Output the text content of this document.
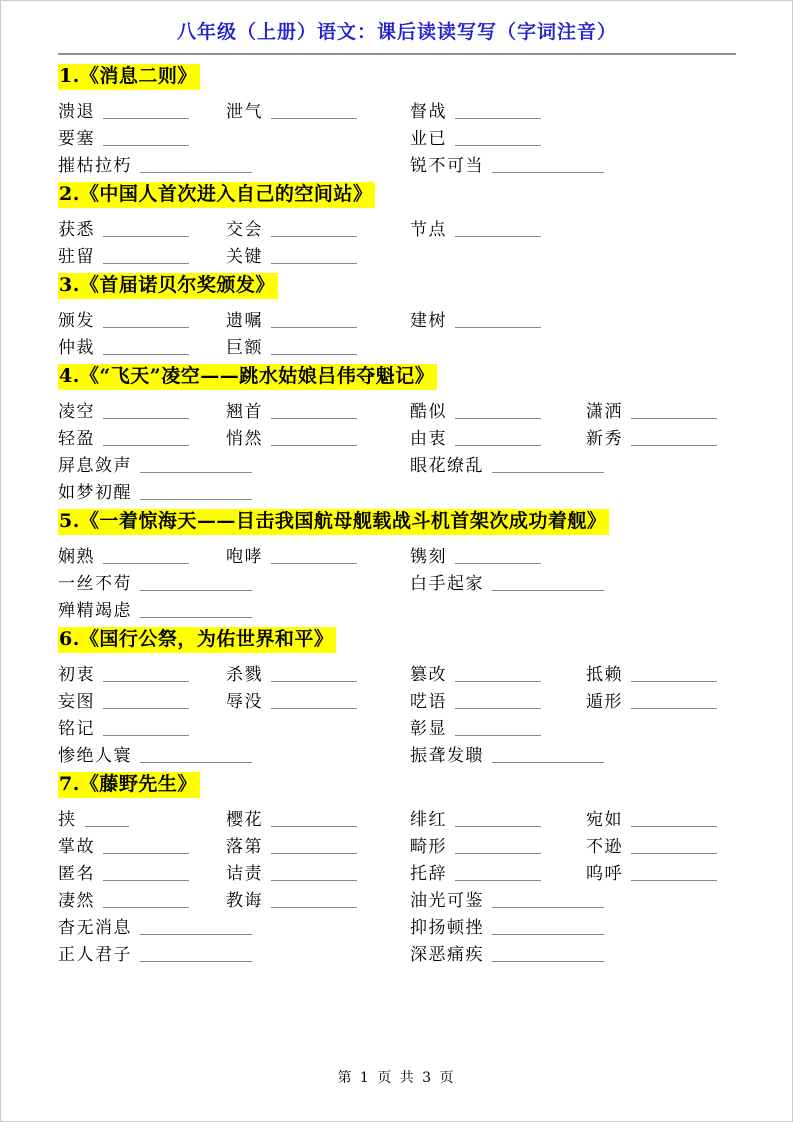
八年级（上册）语文：课后读读写写（字词注音）
1.《消息二则》
溃退	泄气	督战
要塞	业已
摧枯拉朽	锐不可当
2.《中国人首次进入自己的空间站》
获悉	交会	节点
驻留	关键
3.《首届诺贝尔奖颁发》
颁发	遗嘱	建树
仲裁	巨额
4.《“飞天”凌空——跳水姑娘吕伟夺魁记》
凌空	翘首	酷似	潇洒
轻盈	悄然	由衷	新秀
屏息敛声	眼花缭乱
如梦初醒
5.《一着惊海天——目击我国航母舰载战斗机首架次成功着舰》
娴熟	咆哮	镌刻
一丝不苟	白手起家
殚精竭虑
6.《国行公祭，为佑世界和平》
初衷	杀戮	篡改	抵赖
妄图	辱没	呓语	遁形
铭记	彰显
惨绝人寰	振聋发聩
7.《藤野先生》
挟	樱花	绯红	宛如
掌故	落第	畸形	不逊
匿名	诘责	托辞	呜呼
凄然	教诲	油光可鉴
杳无消息	抑扬顿挫
正人君子	深恶痛疾
第 1 页 共 3 页
